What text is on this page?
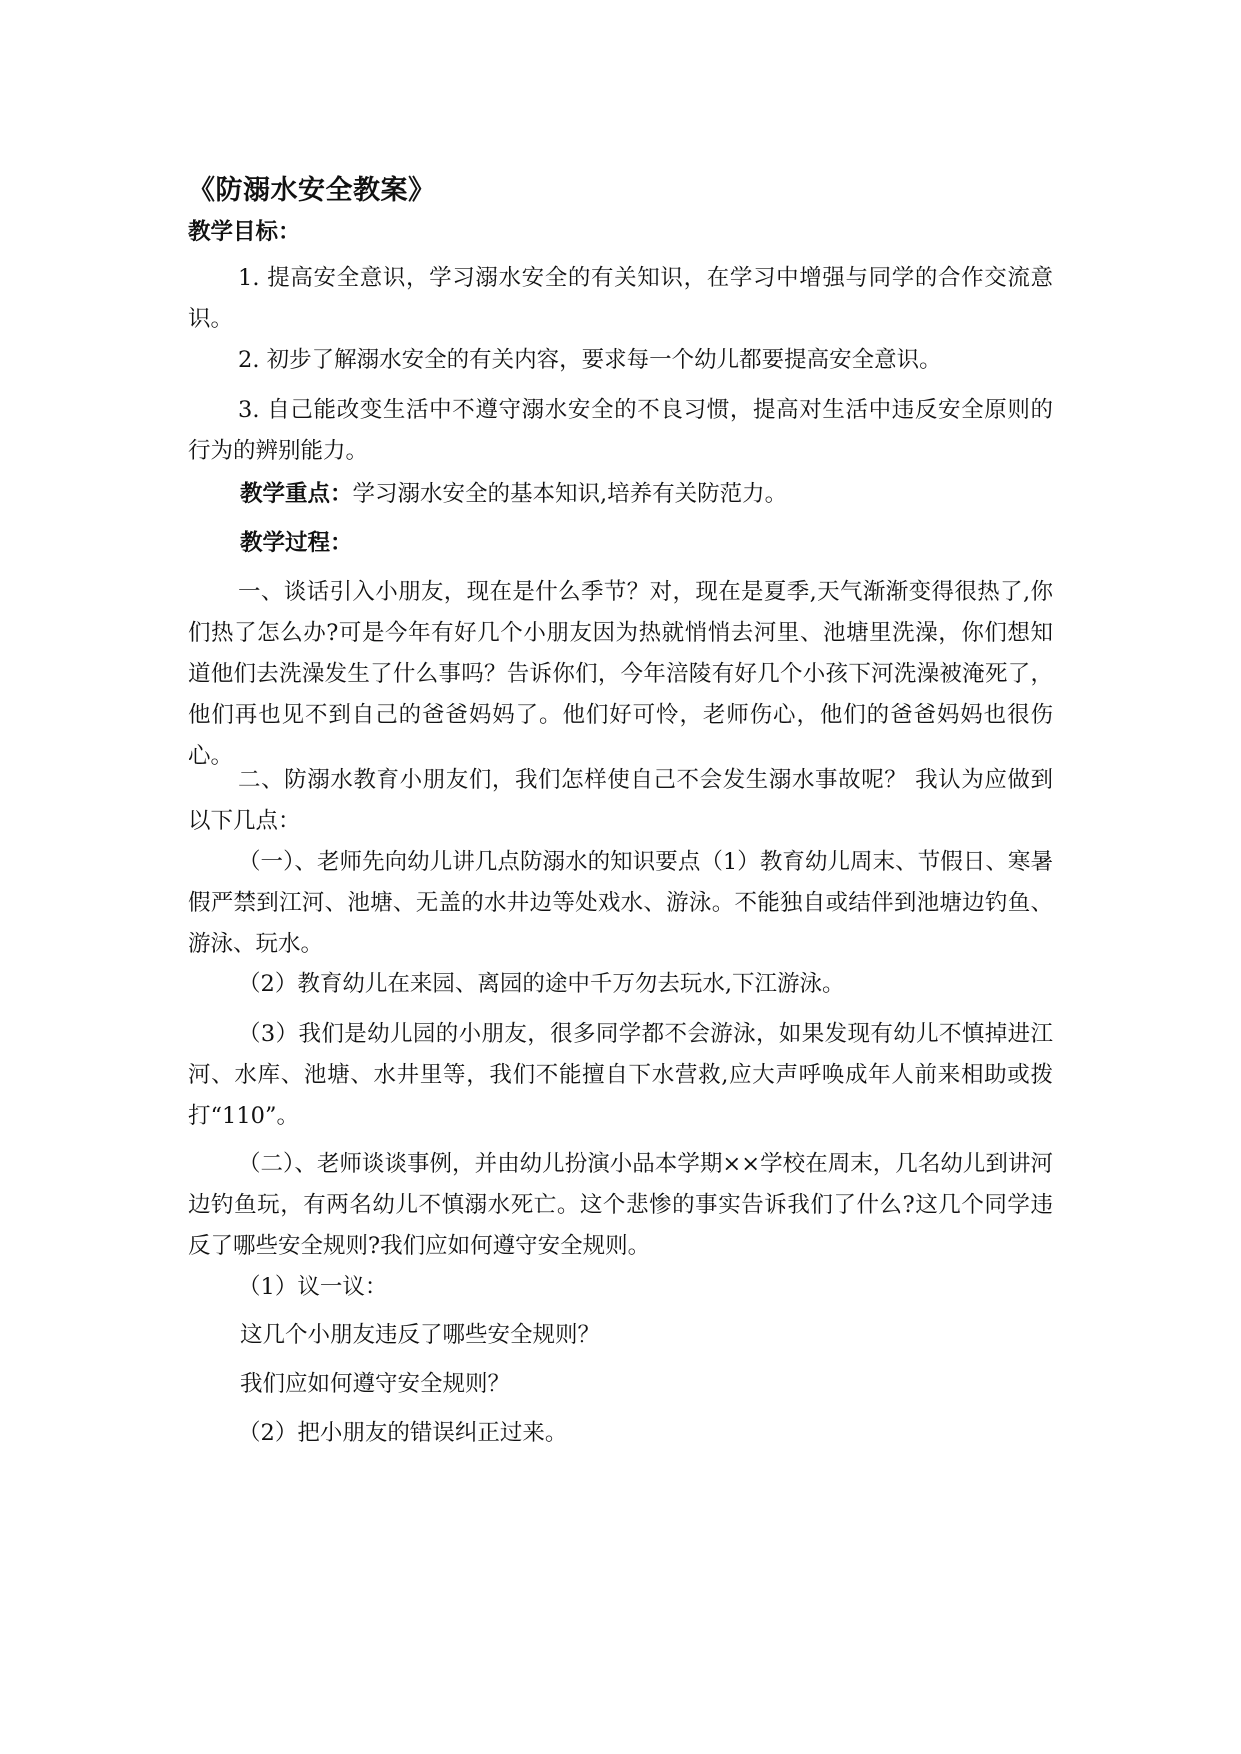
《防溺水安全教案》
教学目标：
1. 提高安全意识，学习溺水安全的有关知识，在学习中增强与同学的合作交流意识。
2. 初步了解溺水安全的有关内容，要求每一个幼儿都要提高安全意识。
3. 自己能改变生活中不遵守溺水安全的不良习惯，提高对生活中违反安全原则的行为的辨别能力。
教学重点：学习溺水安全的基本知识,培养有关防范力。
教学过程：
一、谈话引入小朋友，现在是什么季节？对，现在是夏季,天气渐渐变得很热了,你们热了怎么办?可是今年有好几个小朋友因为热就悄悄去河里、池塘里洗澡，你们想知道他们去洗澡发生了什么事吗？告诉你们，今年涪陵有好几个小孩下河洗澡被淹死了，他们再也见不到自己的爸爸妈妈了。他们好可怜，老师伤心，他们的爸爸妈妈也很伤心。
二、防溺水教育小朋友们，我们怎样使自己不会发生溺水事故呢？ 我认为应做到以下几点：
（一）、老师先向幼儿讲几点防溺水的知识要点（1）教育幼儿周末、节假日、寒暑假严禁到江河、池塘、无盖的水井边等处戏水、游泳。不能独自或结伴到池塘边钓鱼、游泳、玩水。
（2）教育幼儿在来园、离园的途中千万勿去玩水,下江游泳。
（3）我们是幼儿园的小朋友，很多同学都不会游泳，如果发现有幼儿不慎掉进江河、水库、池塘、水井里等，我们不能擅自下水营救,应大声呼唤成年人前来相助或拨打“110”。
（二）、老师谈谈事例，并由幼儿扮演小品本学期××学校在周末，几名幼儿到讲河边钓鱼玩，有两名幼儿不慎溺水死亡。这个悲惨的事实告诉我们了什么?这几个同学违反了哪些安全规则?我们应如何遵守安全规则。
（1）议一议：
这几个小朋友违反了哪些安全规则？
我们应如何遵守安全规则？
（2）把小朋友的错误纠正过来。
